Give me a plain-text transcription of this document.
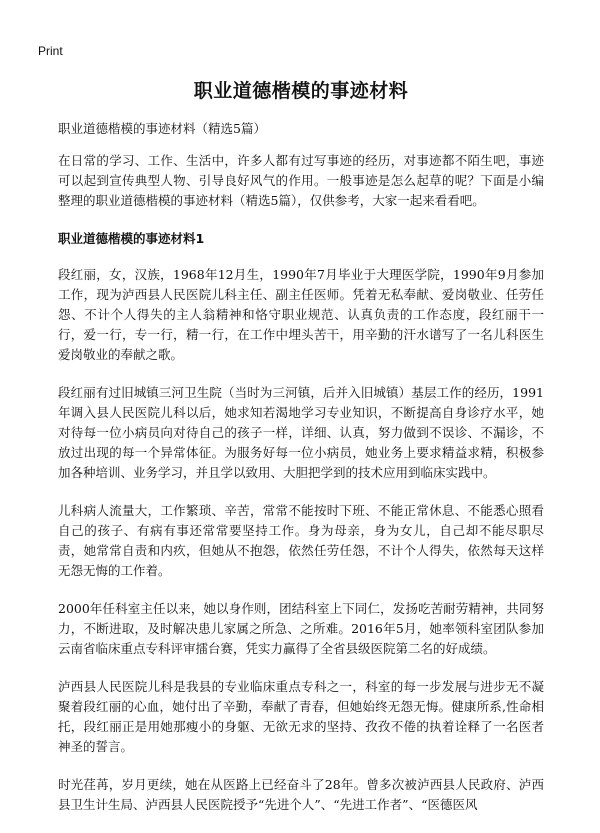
Print
职业道德楷模的事迹材料
职业道德楷模的事迹材料（精选5篇）

在日常的学习、工作、生活中，许多人都有过写事迹的经历，对事迹都不陌生吧，事迹可以起到宣传典型人物、引导良好风气的作用。一般事迹是怎么起草的呢？下面是小编整理的职业道德楷模的事迹材料（精选5篇），仅供参考，大家一起来看看吧。

职业道德楷模的事迹材料1

段红丽，女，汉族，1968年12月生，1990年7月毕业于大理医学院，1990年9月参加工作，现为泸西县人民医院儿科主任、副主任医师。凭着无私奉献、爱岗敬业、任劳任怨、不计个人得失的主人翁精神和恪守职业规范、认真负责的工作态度，段红丽干一行，爱一行，专一行，精一行，在工作中埋头苦干，用辛勤的汗水谱写了一名儿科医生爱岗敬业的奉献之歌。

段红丽有过旧城镇三河卫生院（当时为三河镇，后并入旧城镇）基层工作的经历，1991年调入县人民医院儿科以后，她求知若渴地学习专业知识，不断提高自身诊疗水平，她对待每一位小病员向对待自己的孩子一样，详细、认真，努力做到不误诊、不漏诊，不放过出现的每一个异常体征。为服务好每一位小病员，她业务上要求精益求精，积极参加各种培训、业务学习，并且学以致用、大胆把学到的技术应用到临床实践中。

儿科病人流量大，工作繁琐、辛苦，常常不能按时下班、不能正常休息、不能悉心照看自己的孩子、有病有事还常常要坚持工作。身为母亲，身为女儿，自己却不能尽职尽责，她常常自责和内疚，但她从不抱怨，依然任劳任怨，不计个人得失，依然每天这样无怨无悔的工作着。

2000年任科室主任以来，她以身作则，团结科室上下同仁，发扬吃苦耐劳精神，共同努力，不断进取，及时解决患儿家属之所急、之所难。2016年5月，她率领科室团队参加云南省临床重点专科评审擂台赛，凭实力赢得了全省县级医院第二名的好成绩。

泸西县人民医院儿科是我县的专业临床重点专科之一，科室的每一步发展与进步无不凝聚着段红丽的心血，她付出了辛勤，奉献了青春，但她始终无怨无悔。健康所系,性命相托，段红丽正是用她那瘦小的身躯、无欲无求的坚持、孜孜不倦的执着诠释了一名医者神圣的誓言。

时光荏苒，岁月更续，她在从医路上已经奋斗了28年。曾多次被泸西县人民政府、泸西县卫生计生局、泸西县人民医院授予“先进个人”、“先进工作者”、“医德医风
